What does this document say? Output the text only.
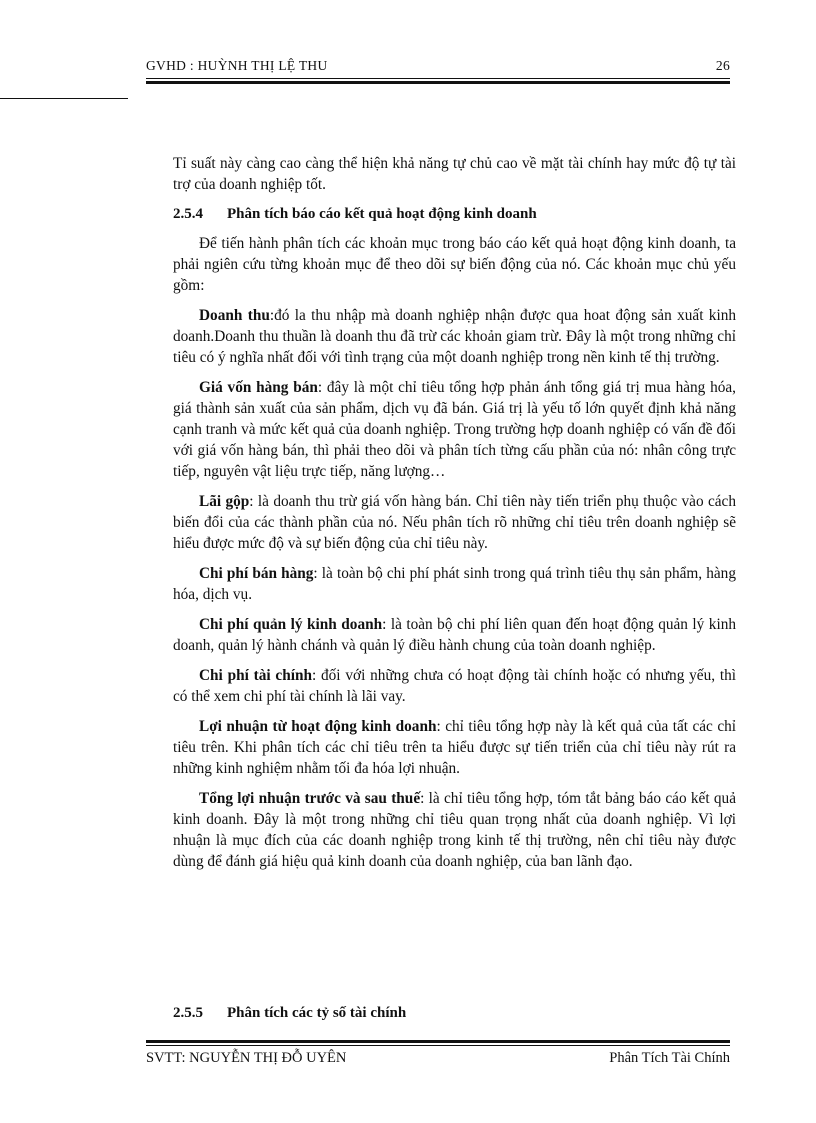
GVHD : HUỲNH THỊ LỆ THU	26

Tỉ suất này càng cao càng thể hiện khả năng tự chủ cao về mặt tài chính hay mức độ tự tài trợ của doanh nghiệp tốt.

2.5.4 Phân tích báo cáo kết quả hoạt động kinh doanh

Để tiến hành phân tích các khoản mục trong báo cáo kết quả hoạt động kinh doanh, ta phải ngiên cứu từng khoản mục để theo dõi sự biến động của nó. Các khoản mục chủ yếu gồm:

Doanh thu:đó la thu nhập mà doanh nghiệp nhận được qua hoat động sản xuất kinh doanh.Doanh thu thuần là doanh thu đã trừ các khoản giam trừ. Đây là một trong những chỉ tiêu có ý nghĩa nhất đối với tình trạng của một doanh nghiệp trong nền kinh tế thị trường.

Giá vốn hàng bán: đây là một chỉ tiêu tổng hợp phản ánh tổng giá trị mua hàng hóa, giá thành sản xuất của sản phẩm, dịch vụ đã bán. Giá trị là yếu tố lớn quyết định khả năng cạnh tranh và mức kết quả của doanh nghiệp. Trong trường hợp doanh nghiệp có vấn đề đối với giá vốn hàng bán, thì phải theo dõi và phân tích từng cấu phần của nó: nhân công trực tiếp, nguyên vật liệu trực tiếp, năng lượng…

Lãi gộp: là doanh thu trừ giá vốn hàng bán. Chỉ tiên này tiến triển phụ thuộc vào cách biến đổi của các thành phần của nó. Nếu phân tích rõ những chỉ tiêu trên doanh nghiệp sẽ hiểu được mức độ và sự biến động của chỉ tiêu này.

Chi phí bán hàng: là toàn bộ chi phí phát sinh trong quá trình tiêu thụ sản phẩm, hàng hóa, dịch vụ.

Chi phí quản lý kinh doanh: là toàn bộ chi phí liên quan đến hoạt động quản lý kinh doanh, quản lý hành chánh và quản lý điều hành chung của toàn doanh nghiệp.

Chi phí tài chính: đối với những chưa có hoạt động tài chính hoặc có nhưng yếu, thì có thể xem chi phí tài chính là lãi vay.

Lợi nhuận từ hoạt động kinh doanh: chỉ tiêu tổng hợp này là kết quả của tất các chỉ tiêu trên. Khi phân tích các chỉ tiêu trên ta hiểu được sự tiến triển của chỉ tiêu này rút ra những kinh nghiệm nhằm tối đa hóa lợi nhuận.

Tổng lợi nhuận trước và sau thuế: là chỉ tiêu tổng hợp, tóm tắt bảng báo cáo kết quả kinh doanh. Đây là một trong những chỉ tiêu quan trọng nhất của doanh nghiệp. Vì lợi nhuận là mục đích của các doanh nghiệp trong kinh tế thị trường, nên chỉ tiêu này được dùng để đánh giá hiệu quả kinh doanh của doanh nghiệp, của ban lãnh đạo.

2.5.5 Phân tích các tỷ số tài chính
SVTT: NGUYỄN THỊ ĐỖ UYÊN	Phân Tích Tài Chính
